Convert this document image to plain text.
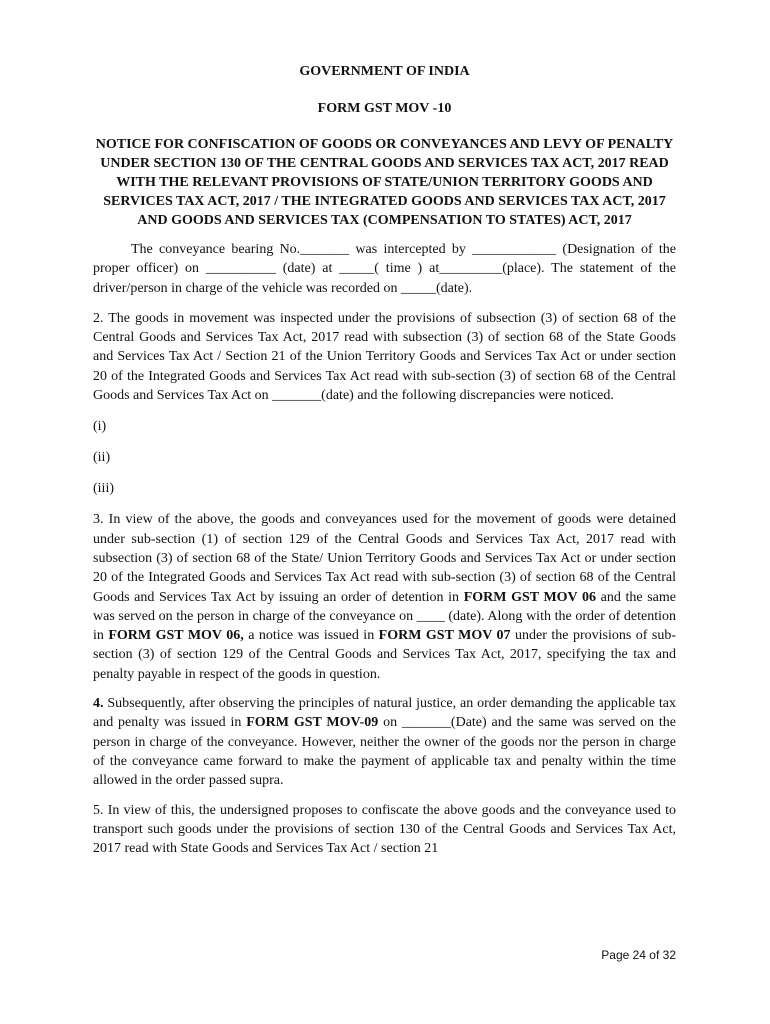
GOVERNMENT OF INDIA

FORM GST MOV -10

NOTICE FOR CONFISCATION OF GOODS OR CONVEYANCES AND LEVY OF PENALTY UNDER SECTION 130 OF THE CENTRAL GOODS AND SERVICES TAX ACT, 2017 READ WITH THE RELEVANT PROVISIONS OF STATE/UNION TERRITORY GOODS AND SERVICES TAX ACT, 2017 / THE INTEGRATED GOODS AND SERVICES TAX ACT, 2017 AND GOODS AND SERVICES TAX (COMPENSATION TO STATES) ACT, 2017

The conveyance bearing No._______ was intercepted by ____________ (Designation of the proper officer) on __________ (date) at _____( time ) at_________(place). The statement of the driver/person in charge of the vehicle was recorded on _____(date).

2. The goods in movement was inspected under the provisions of subsection (3) of section 68 of the Central Goods and Services Tax Act, 2017 read with subsection (3) of section 68 of the State Goods and Services Tax Act / Section 21 of the Union Territory Goods and Services Tax Act or under section 20 of the Integrated Goods and Services Tax Act read with sub-section (3) of section 68 of the Central Goods and Services Tax Act on _______(date) and the following discrepancies were noticed.

(i)

(ii)

(iii)

3. In view of the above, the goods and conveyances used for the movement of goods were detained under sub-section (1) of section 129 of the Central Goods and Services Tax Act, 2017 read with subsection (3) of section 68 of the State/ Union Territory Goods and Services Tax Act or under section 20 of the Integrated Goods and Services Tax Act read with sub-section (3) of section 68 of the Central Goods and Services Tax Act by issuing an order of detention in FORM GST MOV 06 and the same was served on the person in charge of the conveyance on ____ (date). Along with the order of detention in FORM GST MOV 06, a notice was issued in FORM GST MOV 07 under the provisions of sub-section (3) of section 129 of the Central Goods and Services Tax Act, 2017, specifying the tax and penalty payable in respect of the goods in question.

4. Subsequently, after observing the principles of natural justice, an order demanding the applicable tax and penalty was issued in FORM GST MOV-09 on _______(Date) and the same was served on the person in charge of the conveyance. However, neither the owner of the goods nor the person in charge of the conveyance came forward to make the payment of applicable tax and penalty within the time allowed in the order passed supra.

5. In view of this, the undersigned proposes to confiscate the above goods and the conveyance used to transport such goods under the provisions of section 130 of the Central Goods and Services Tax Act, 2017 read with State Goods and Services Tax Act / section 21

Page 24 of 32
